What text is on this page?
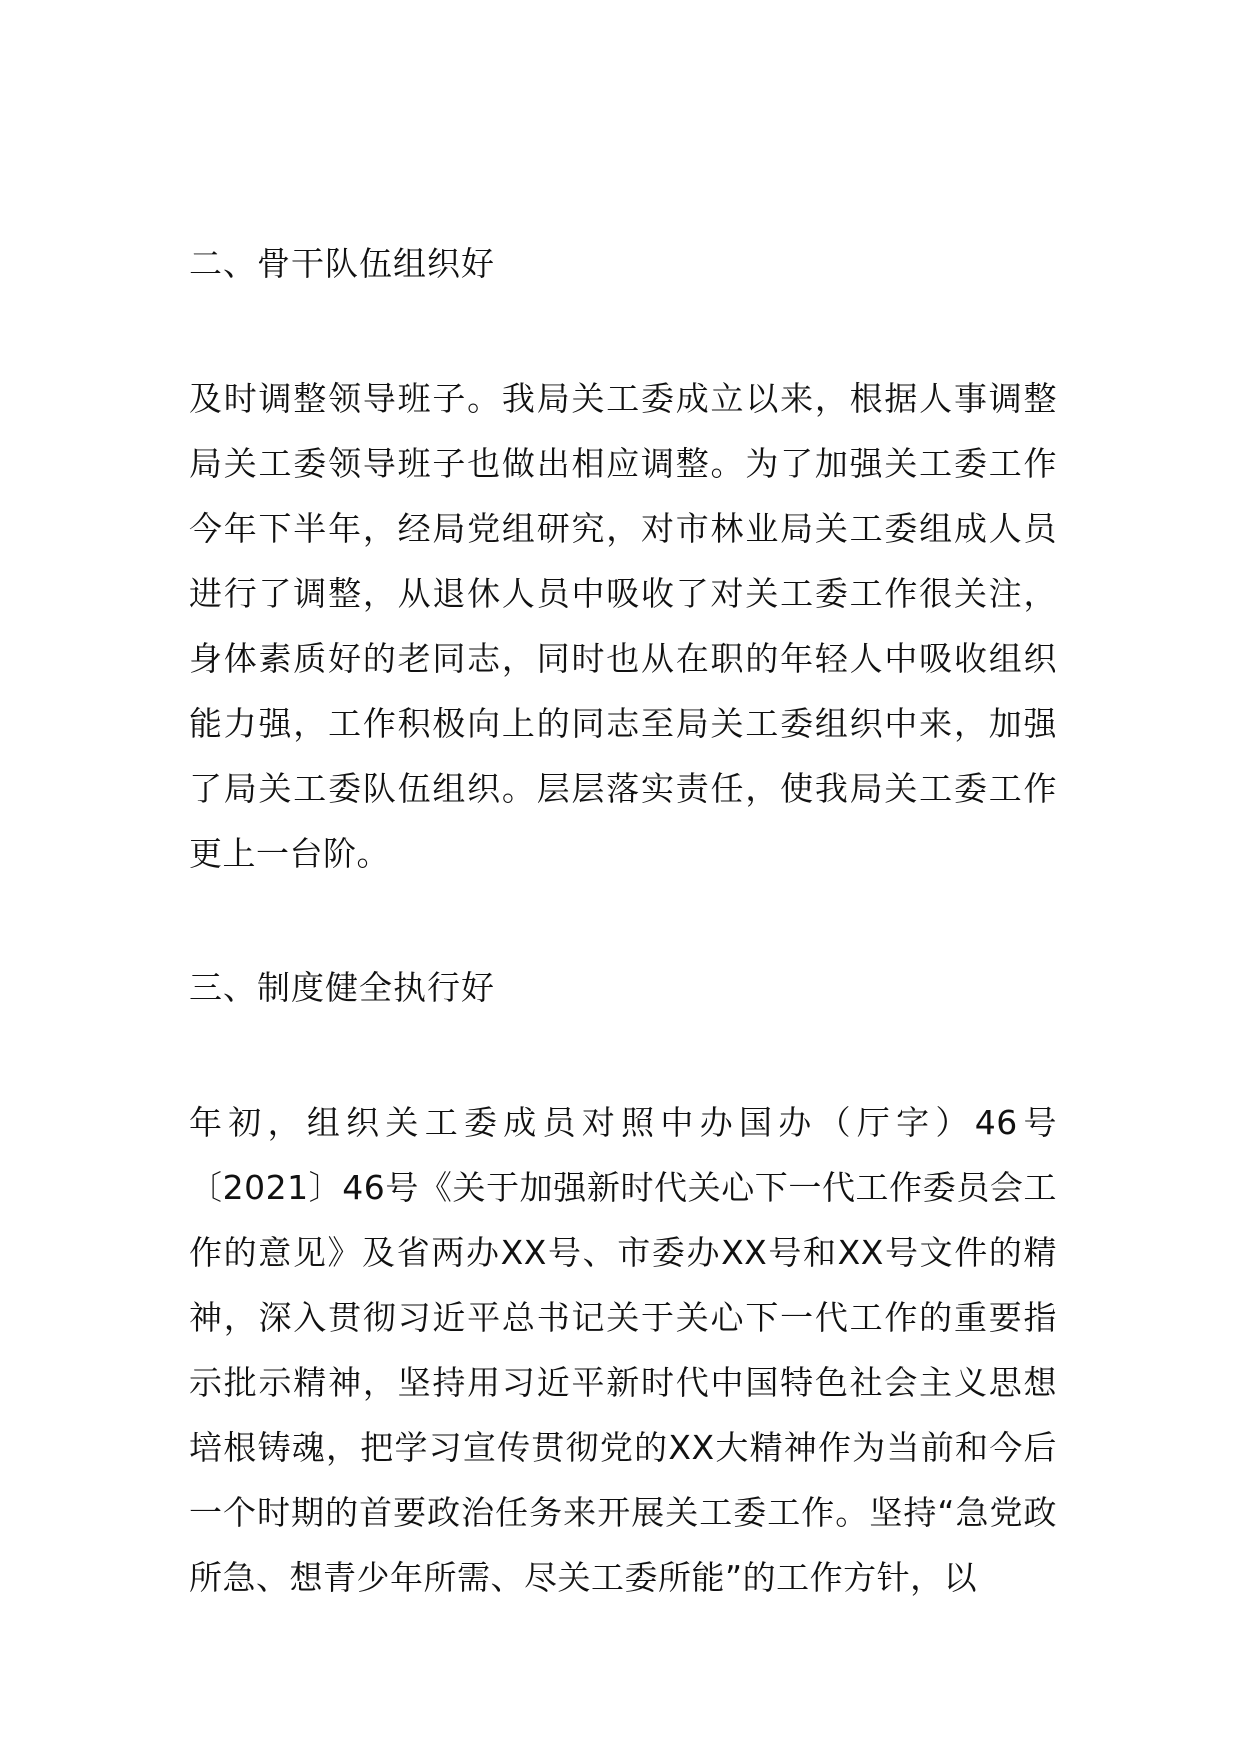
二、骨干队伍组织好

及时调整领导班子。我局关工委成立以来，根据人事调整局关工委领导班子也做出相应调整。为了加强关工委工作今年下半年，经局党组研究，对市林业局关工委组成人员进行了调整，从退休人员中吸收了对关工委工作很关注，身体素质好的老同志，同时也从在职的年轻人中吸收组织能力强，工作积极向上的同志至局关工委组织中来，加强了局关工委队伍组织。层层落实责任，使我局关工委工作更上一台阶。

三、制度健全执行好

年初，组织关工委成员对照中办国办（厅字）46号〔2021〕46号《关于加强新时代关心下一代工作委员会工作的意见》及省两办XX号、市委办XX号和XX号文件的精神，深入贯彻习近平总书记关于关心下一代工作的重要指示批示精神，坚持用习近平新时代中国特色社会主义思想培根铸魂，把学习宣传贯彻党的XX大精神作为当前和今后一个时期的首要政治任务来开展关工委工作。坚持“急党政所急、想青少年所需、尽关工委所能”的工作方针，以
